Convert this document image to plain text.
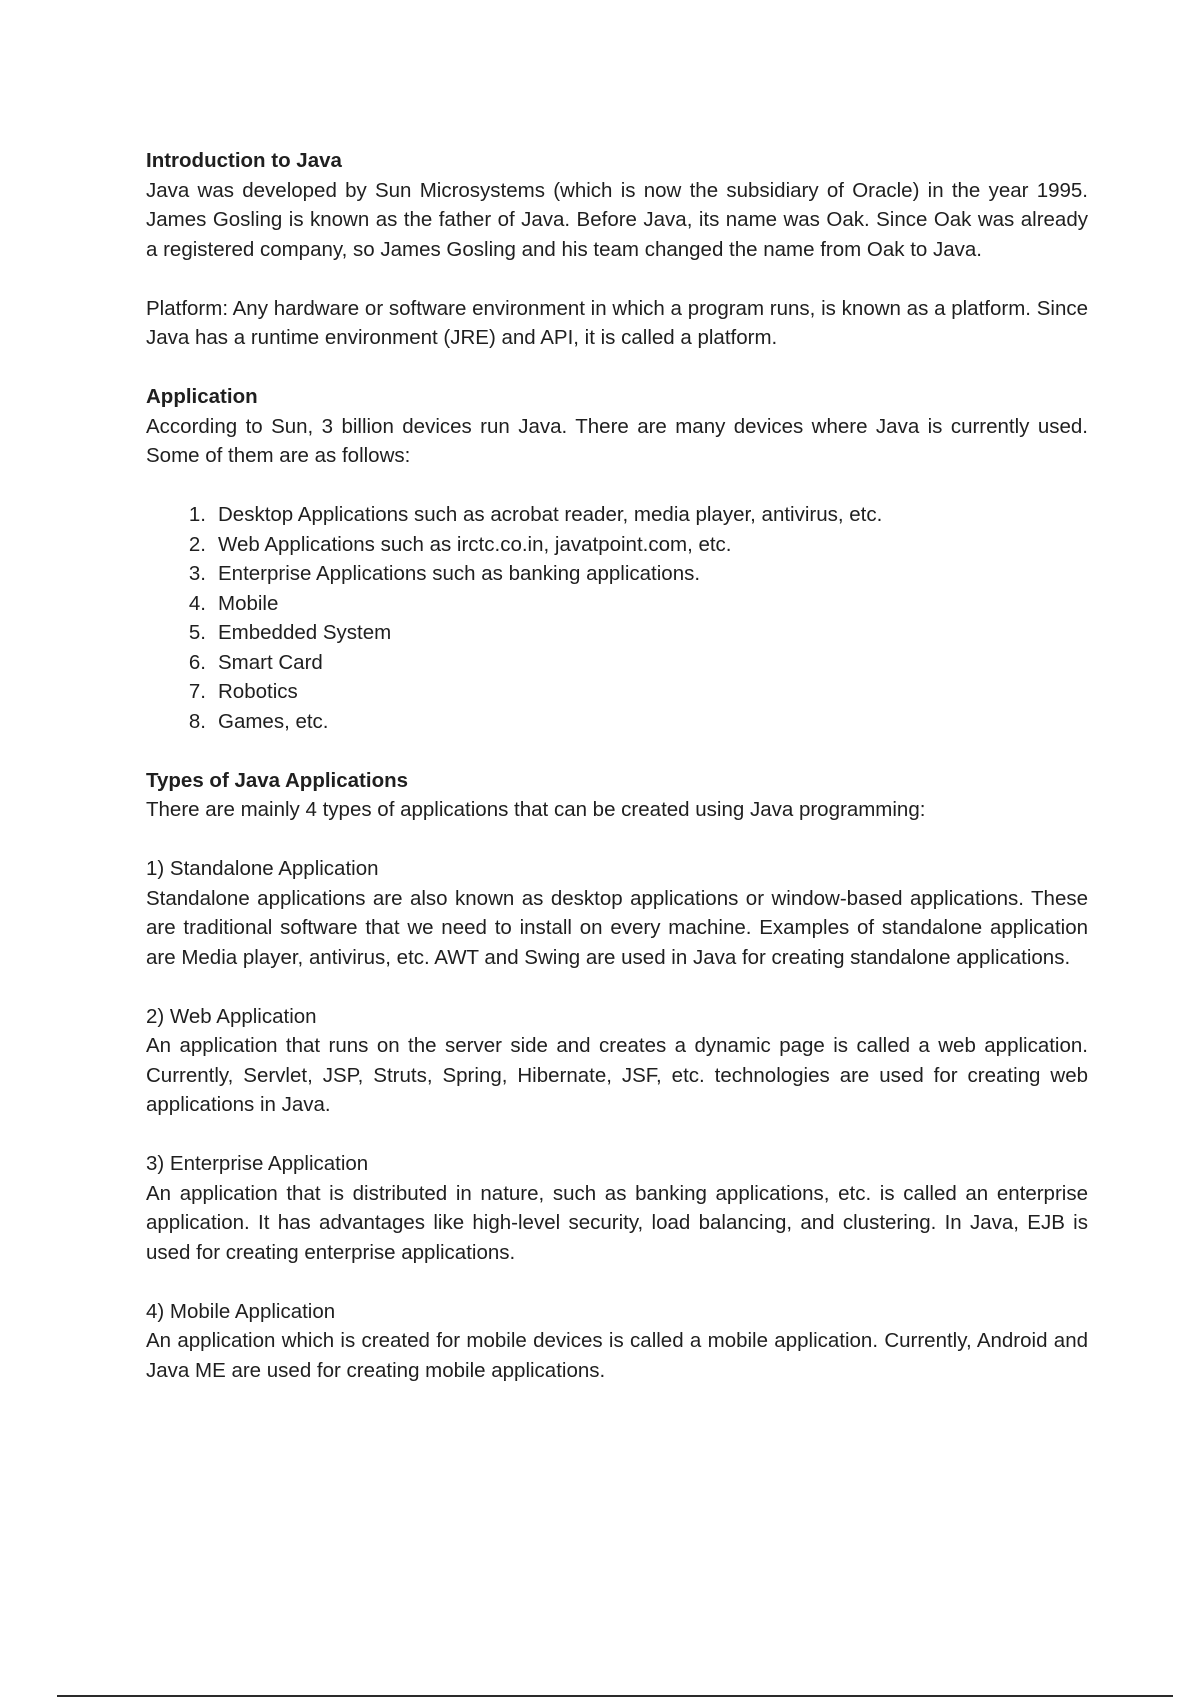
Introduction to Java

Java was developed by Sun Microsystems (which is now the subsidiary of Oracle) in the year 1995. James Gosling is known as the father of Java. Before Java, its name was Oak. Since Oak was already a registered company, so James Gosling and his team changed the name from Oak to Java.

Platform: Any hardware or software environment in which a program runs, is known as a platform. Since Java has a runtime environment (JRE) and API, it is called a platform.

Application

According to Sun, 3 billion devices run Java. There are many devices where Java is currently used. Some of them are as follows:

1. Desktop Applications such as acrobat reader, media player, antivirus, etc.
2. Web Applications such as irctc.co.in, javatpoint.com, etc.
3. Enterprise Applications such as banking applications.
4. Mobile
5. Embedded System
6. Smart Card
7. Robotics
8. Games, etc.

Types of Java Applications

There are mainly 4 types of applications that can be created using Java programming:

1) Standalone Application

Standalone applications are also known as desktop applications or window-based applications. These are traditional software that we need to install on every machine. Examples of standalone application are Media player, antivirus, etc. AWT and Swing are used in Java for creating standalone applications.

2) Web Application

An application that runs on the server side and creates a dynamic page is called a web application. Currently, Servlet, JSP, Struts, Spring, Hibernate, JSF, etc. technologies are used for creating web applications in Java.

3) Enterprise Application

An application that is distributed in nature, such as banking applications, etc. is called an enterprise application. It has advantages like high-level security, load balancing, and clustering. In Java, EJB is used for creating enterprise applications.

4) Mobile Application

An application which is created for mobile devices is called a mobile application. Currently, Android and Java ME are used for creating mobile applications.
